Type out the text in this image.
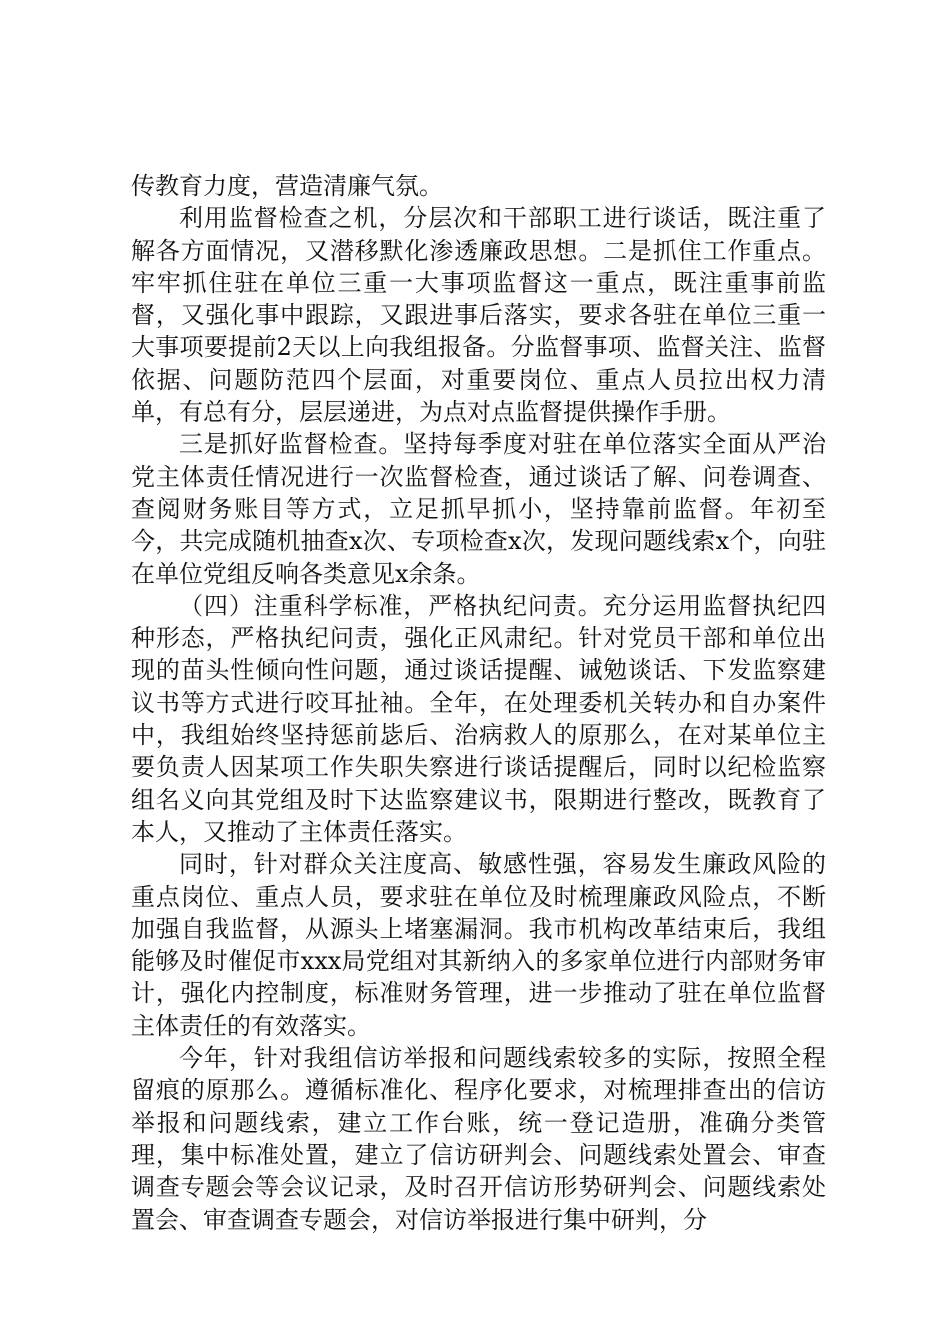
传教育力度，营造清廉气氛。

利用监督检查之机，分层次和干部职工进行谈话，既注重了解各方面情况，又潜移默化渗透廉政思想。二是抓住工作重点。牢牢抓住驻在单位三重一大事项监督这一重点，既注重事前监督，又强化事中跟踪，又跟进事后落实，要求各驻在单位三重一大事项要提前2天以上向我组报备。分监督事项、监督关注、监督依据、问题防范四个层面，对重要岗位、重点人员拉出权力清单，有总有分，层层递进，为点对点监督提供操作手册。

三是抓好监督检查。坚持每季度对驻在单位落实全面从严治党主体责任情况进行一次监督检查，通过谈话了解、问卷调查、查阅财务账目等方式，立足抓早抓小，坚持靠前监督。年初至今，共完成随机抽查x次、专项检查x次，发现问题线索x个，向驻在单位党组反响各类意见x余条。

（四）注重科学标准，严格执纪问责。充分运用监督执纪四种形态，严格执纪问责，强化正风肃纪。针对党员干部和单位出现的苗头性倾向性问题，通过谈话提醒、诫勉谈话、下发监察建议书等方式进行咬耳扯袖。全年，在处理委机关转办和自办案件中，我组始终坚持惩前毖后、治病救人的原那么，在对某单位主要负责人因某项工作失职失察进行谈话提醒后，同时以纪检监察组名义向其党组及时下达监察建议书，限期进行整改，既教育了本人，又推动了主体责任落实。

同时，针对群众关注度高、敏感性强，容易发生廉政风险的重点岗位、重点人员，要求驻在单位及时梳理廉政风险点，不断加强自我监督，从源头上堵塞漏洞。我市机构改革结束后，我组能够及时催促市xxx局党组对其新纳入的多家单位进行内部财务审计，强化内控制度，标准财务管理，进一步推动了驻在单位监督主体责任的有效落实。

今年，针对我组信访举报和问题线索较多的实际，按照全程留痕的原那么。遵循标准化、程序化要求，对梳理排查出的信访举报和问题线索，建立工作台账，统一登记造册，准确分类管理，集中标准处置，建立了信访研判会、问题线索处置会、审查调查专题会等会议记录，及时召开信访形势研判会、问题线索处置会、审查调查专题会，对信访举报进行集中研判，分
